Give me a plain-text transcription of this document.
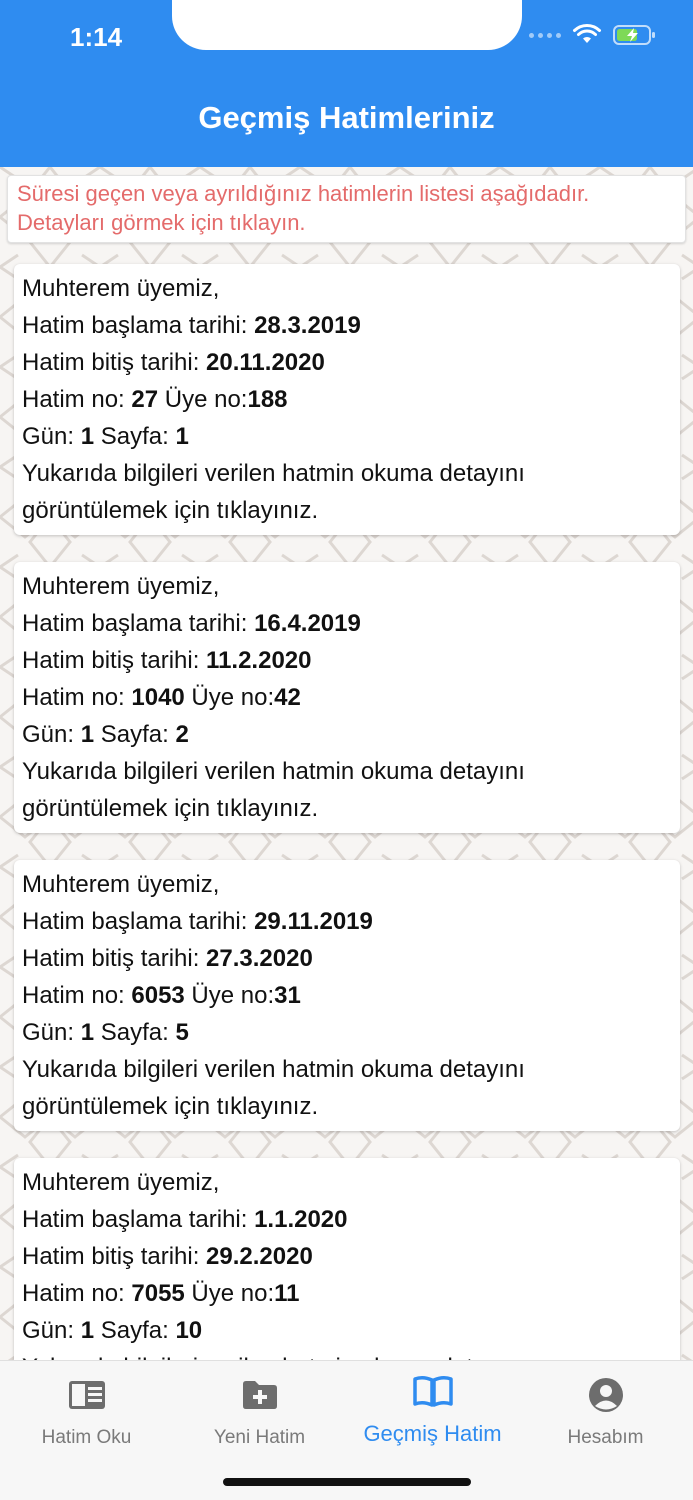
1:14
Geçmiş Hatimleriniz
Süresi geçen veya ayrıldığınız hatimlerin listesi aşağıdadır. Detayları görmek için tıklayın.
Muhterem üyemiz,
Hatim başlama tarihi: 28.3.2019
Hatim bitiş tarihi: 20.11.2020
Hatim no: 27 Üye no:188
Gün: 1 Sayfa: 1
Yukarıda bilgileri verilen hatmin okuma detayını görüntülemek için tıklayınız.
Muhterem üyemiz,
Hatim başlama tarihi: 16.4.2019
Hatim bitiş tarihi: 11.2.2020
Hatim no: 1040 Üye no:42
Gün: 1 Sayfa: 2
Yukarıda bilgileri verilen hatmin okuma detayını görüntülemek için tıklayınız.
Muhterem üyemiz,
Hatim başlama tarihi: 29.11.2019
Hatim bitiş tarihi: 27.3.2020
Hatim no: 6053 Üye no:31
Gün: 1 Sayfa: 5
Yukarıda bilgileri verilen hatmin okuma detayını görüntülemek için tıklayınız.
Muhterem üyemiz,
Hatim başlama tarihi: 1.1.2020
Hatim bitiş tarihi: 29.2.2020
Hatim no: 7055 Üye no:11
Gün: 1 Sayfa: 10
Hatim Oku	Yeni Hatim	Geçmiş Hatim	Hesabım
